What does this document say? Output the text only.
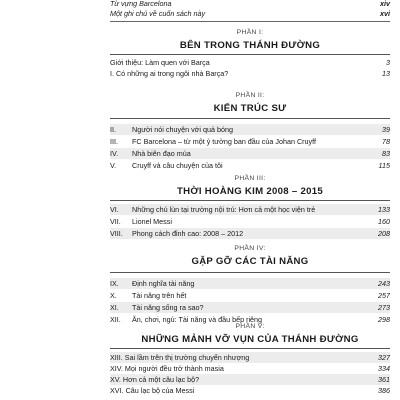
Từ vựng Barcelona	xiv
Một ghi chú về cuốn sách này	xvi
PHẦN I:
BÊN TRONG THÁNH ĐƯỜNG
Giới thiệu: Làm quen với Barça	3
I. Có những ai trong ngôi nhà Barça?	13
PHẦN II:
KIẾN TRÚC SƯ
II. Người nói chuyện với quả bóng	39
III. FC Barcelona – từ một ý tưởng ban đầu của Johan Cruyff	78
IV. Nhà biên đạo múa	83
V. Cruyff và câu chuyện của tôi	115
PHẦN III:
THỜI HOÀNG KIM 2008 – 2015
VI. Những chú lùn tại trường nội trú: Hơn cả một học viện trẻ	133
VII. Lionel Messi	160
VIII. Phong cách đỉnh cao: 2008 – 2012	208
PHẦN IV:
GẶP GỠ CÁC TÀI NĂNG
IX. Định nghĩa tài năng	243
X. Tài năng trên hết	257
XI. Tài năng sống ra sao?	273
XII. Ăn, chơi, ngủ: Tài năng và đầu bếp riêng	298
PHẦN V:
NHỮNG MẢNH VỠ VỤN CỦA THÁNH ĐƯỜNG
XIII. Sai lầm trên thị trường chuyển nhượng	327
XIV. Mọi người đều trở thành masia	334
XV. Hơn cả một câu lạc bộ?	361
XVI. Câu lạc bộ của Messi	386
